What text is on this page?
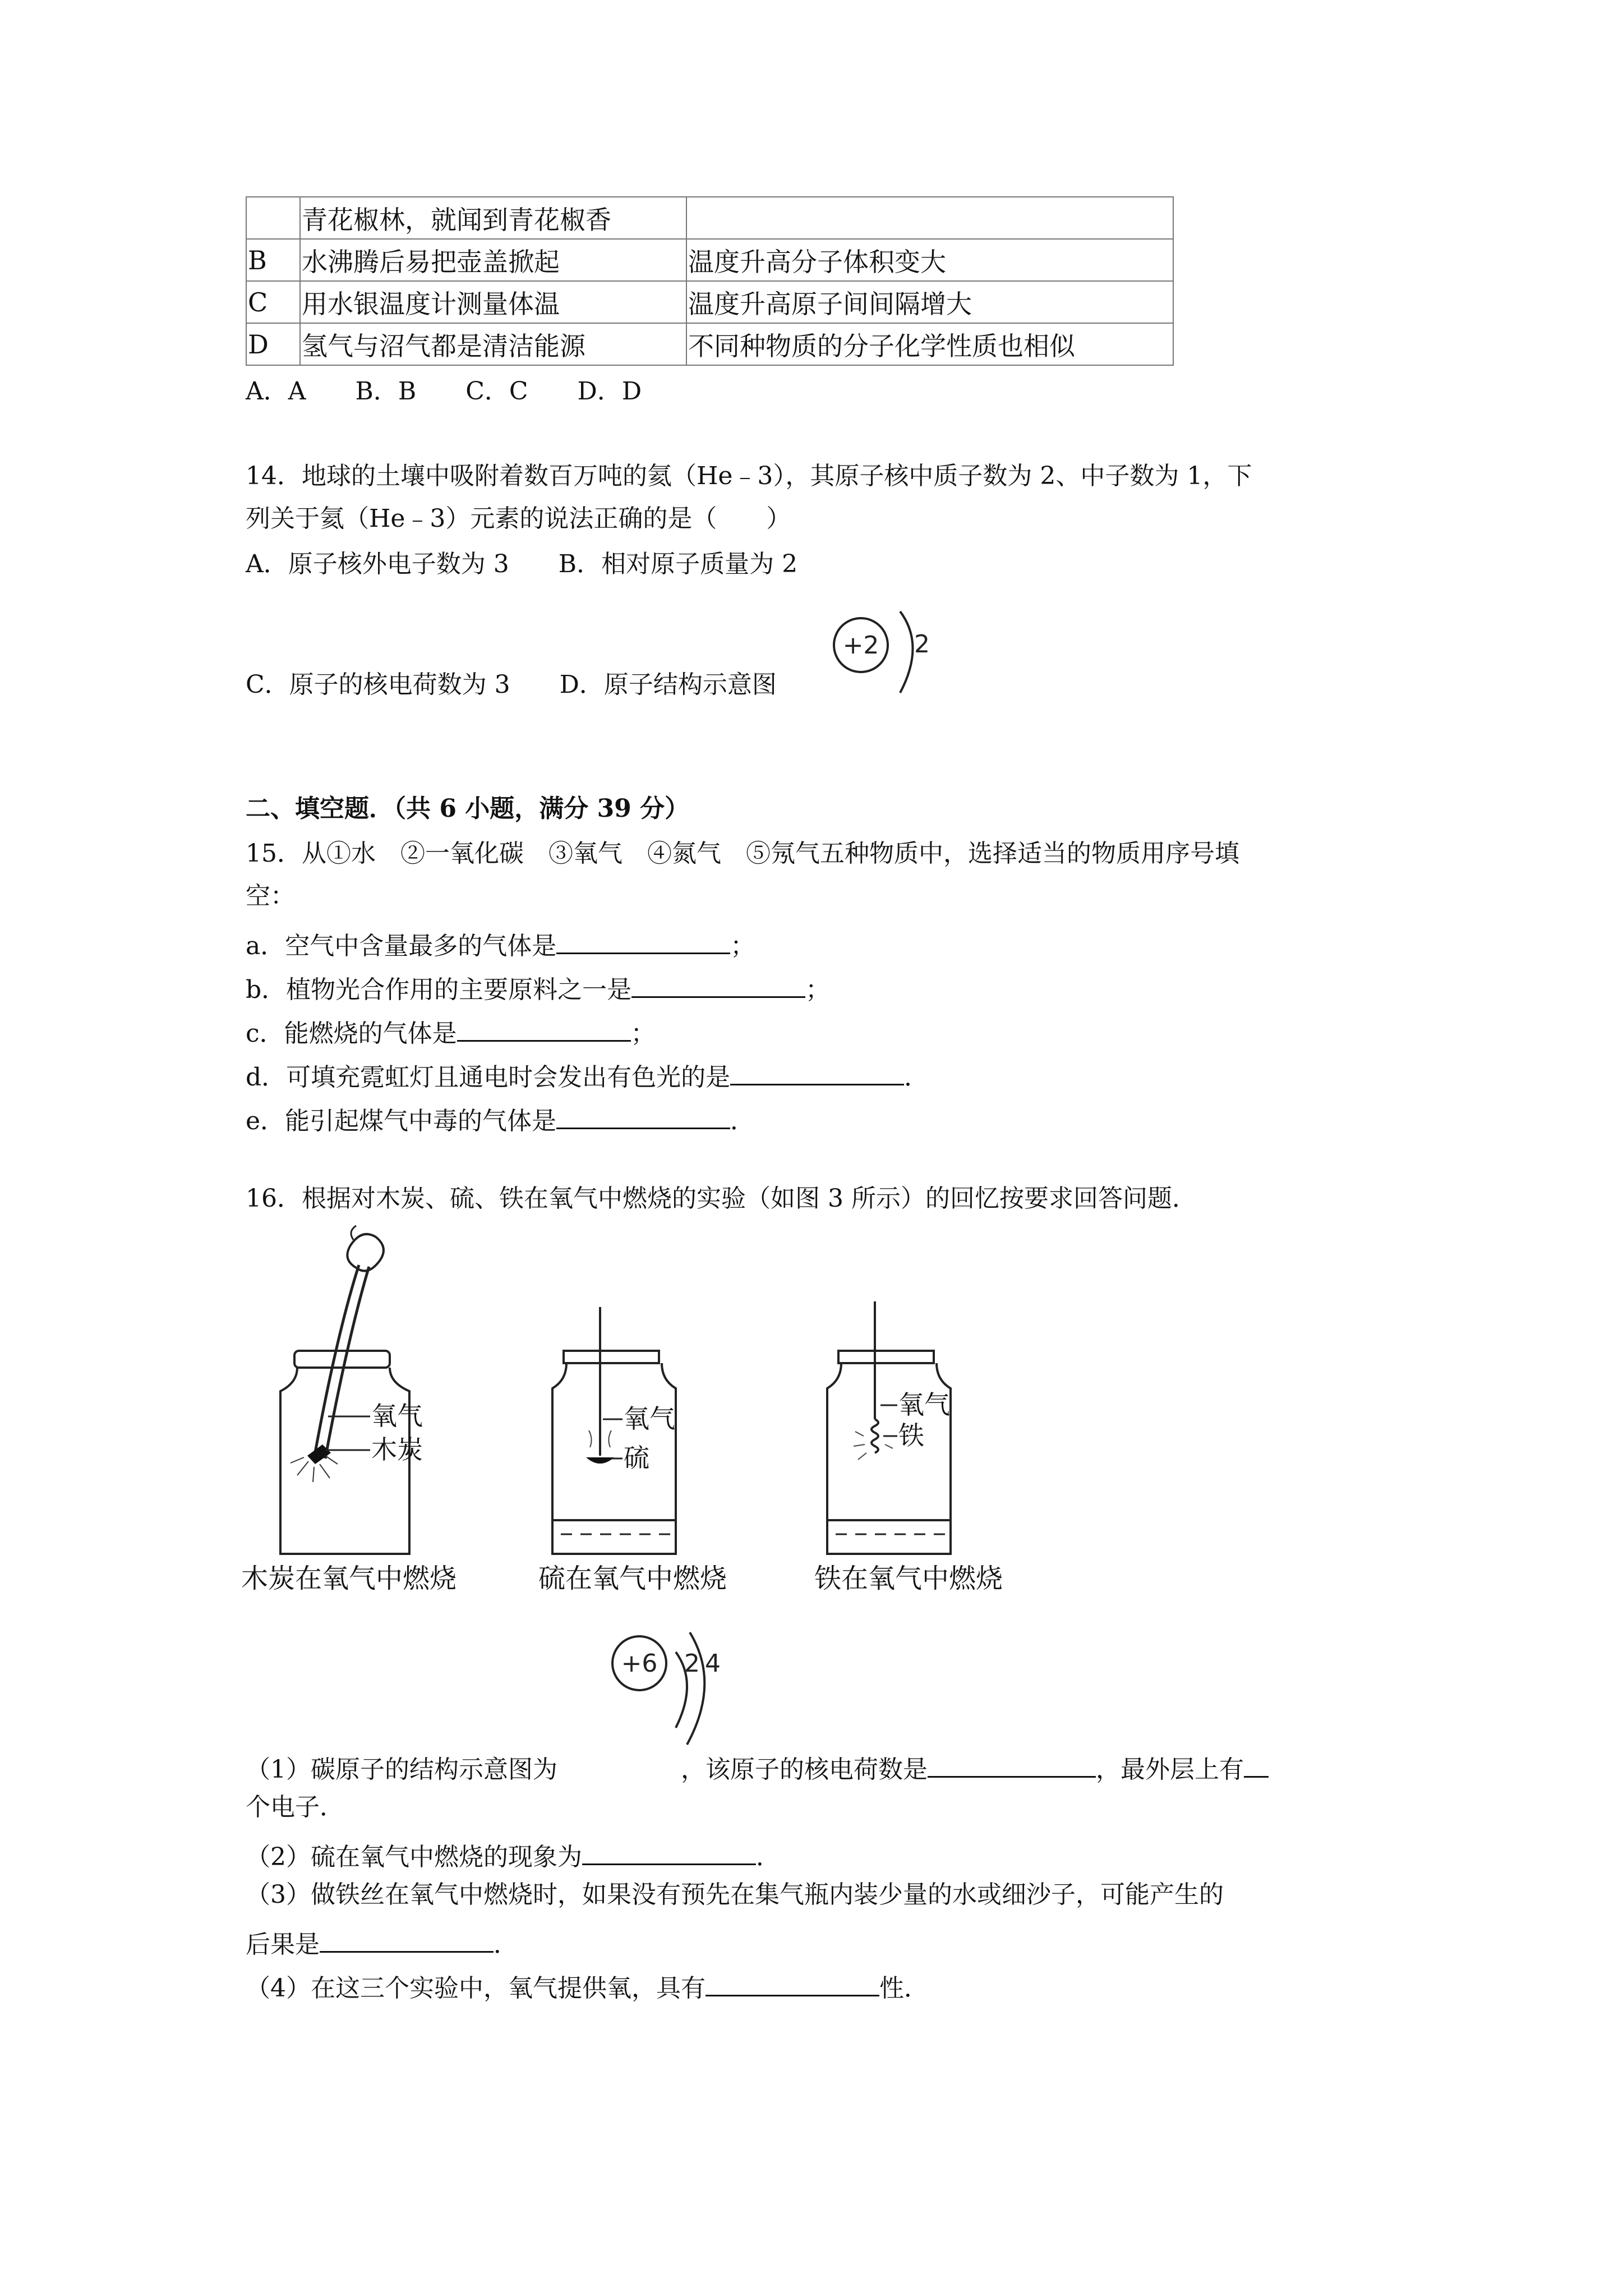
	青花椒林，就闻到青花椒香	
B	水沸腾后易把壶盖掀起	温度升高分子体积变大
C	用水银温度计测量体温	温度升高原子间间隔增大
D	氢气与沼气都是清洁能源	不同种物质的分子化学性质也相似
A．A　　B．B　　C．C　　D．D
14．地球的土壤中吸附着数百万吨的氦（He﹣3），其原子核中质子数为 2、中子数为 1，下
列关于氦（He﹣3）元素的说法正确的是（　　）
A．原子核外电子数为 3　　B．相对原子质量为 2
C．原子的核电荷数为 3　　D．原子结构示意图
+2 2
二、填空题．（共 6 小题，满分 39 分）
15．从①水　②一氧化碳　③氧气　④氮气　⑤氖气五种物质中，选择适当的物质用序号填
空：
a．空气中含量最多的气体是	；
b．植物光合作用的主要原料之一是	；
c．能燃烧的气体是	；
d．可填充霓虹灯且通电时会发出有色光的是	．
e．能引起煤气中毒的气体是	．
16．根据对木炭、硫、铁在氧气中燃烧的实验（如图 3 所示）的回忆按要求回答问题．
氧气
木炭
木炭在氧气中燃烧
氧气
硫
硫在氧气中燃烧
氧气
铁
铁在氧气中燃烧
+6 2 4
（1）碳原子的结构示意图为	，该原子的核电荷数是	，最外层上有
个电子．
（2）硫在氧气中燃烧的现象为	．
（3）做铁丝在氧气中燃烧时，如果没有预先在集气瓶内装少量的水或细沙子，可能产生的
后果是	．
（4）在这三个实验中，氧气提供氧，具有	性．
